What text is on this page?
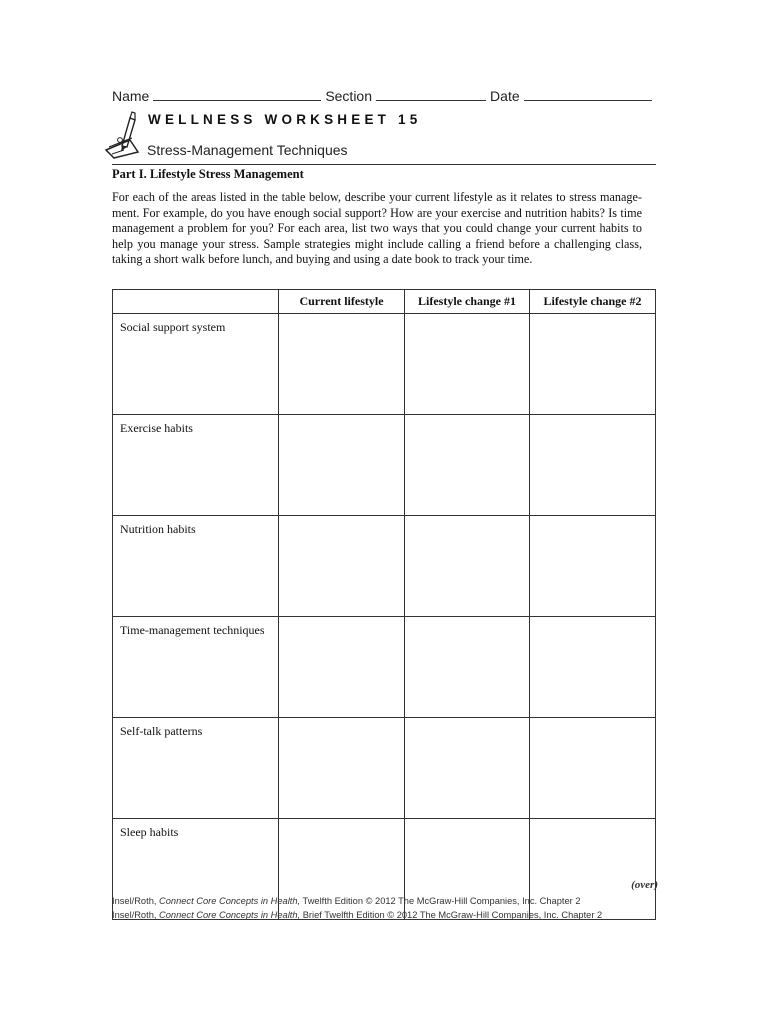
Name	Section	Date
WELLNESS WORKSHEET 15
Stress-Management Techniques
Part I. Lifestyle Stress Management
For each of the areas listed in the table below, describe your current lifestyle as it relates to stress manage-ment. For example, do you have enough social support? How are your exercise and nutrition habits? Is time management a problem for you? For each area, list two ways that you could change your current habits to help you manage your stress. Sample strategies might include calling a friend before a challenging class, taking a short walk before lunch, and buying and using a date book to track your time.
	Current lifestyle	Lifestyle change #1	Lifestyle change #2
Social support system			
Exercise habits			
Nutrition habits			
Time-management techniques			
Self-talk patterns			
Sleep habits			
(over)
Insel/Roth, Connect Core Concepts in Health, Twelfth Edition © 2012 The McGraw-Hill Companies, Inc. Chapter 2
Insel/Roth, Connect Core Concepts in Health, Brief Twelfth Edition © 2012 The McGraw-Hill Companies, Inc. Chapter 2
